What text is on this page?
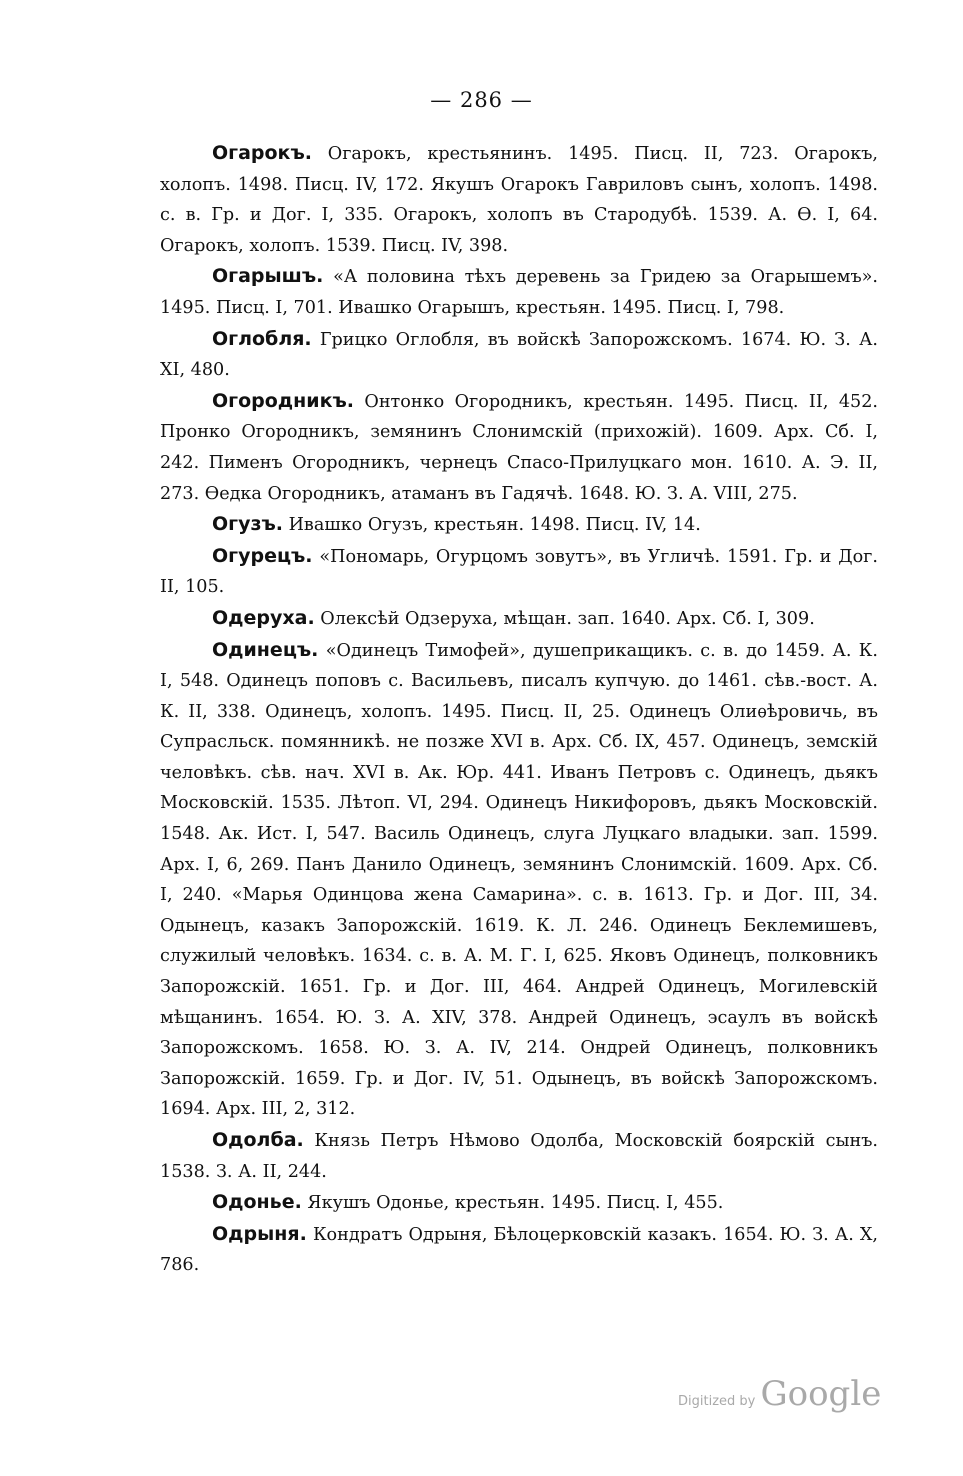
— 286 —

Огарокъ. Огарокъ, крестьянинъ. 1495. Писц. II, 723. Огарокъ, холопъ. 1498. Писц. IV, 172. Якушъ Огарокъ Гавриловъ сынъ, холопъ. 1498. с. в. Гр. и Дог. I, 335. Огарокъ, холопъ въ Стародубѣ. 1539. А. Ѳ. I, 64. Огарокъ, холопъ. 1539. Писц. IV, 398.

Огарышъ. «А половина тѣхъ деревень за Гридею за Огарышемъ». 1495. Писц. I, 701. Ивашко Огарышъ, крестьян. 1495. Писц. I, 798.

Оглобля. Грицко Оглобля, въ войскѣ Запорожскомъ. 1674. Ю. З. А. XI, 480.

Огородникъ. Онтонко Огородникъ, крестьян. 1495. Писц. II, 452. Пронко Огородникъ, земянинъ Слонимскій (прихожій). 1609. Арх. Сб. I, 242. Пименъ Огородникъ, чернецъ Спасо-Прилуцкаго мон. 1610. А. Э. II, 273. Ѳедка Огородникъ, атаманъ въ Гадячѣ. 1648. Ю. З. А. VIII, 275.

Огузъ. Ивашко Огузъ, крестьян. 1498. Писц. IV, 14.

Огурецъ. «Пономарь, Огурцомъ зовутъ», въ Угличѣ. 1591. Гр. и Дог. II, 105.

Одеруха. Олексѣй Одзеруха, мѣщан. зап. 1640. Арх. Сб. I, 309.

Одинецъ. «Одинецъ Тимофей», душеприкащикъ. с. в. до 1459. А. К. I, 548. Одинецъ поповъ с. Васильевъ, писалъ купчую. до 1461. сѣв.-вост. А. К. II, 338. Одинецъ, холопъ. 1495. Писц. II, 25. Одинецъ Олиѳѣровичь, въ Супрасльск. помянникѣ. не позже XVI в. Арх. Сб. IX, 457. Одинецъ, земскій человѣкъ. сѣв. нач. XVI в. Ак. Юр. 441. Иванъ Петровъ с. Одинецъ, дьякъ Московскій. 1535. Лѣтоп. VI, 294. Одинецъ Никифоровъ, дьякъ Московскій. 1548. Ак. Ист. I, 547. Василь Одинецъ, слуга Луцкаго владыки. зап. 1599. Арх. I, 6, 269. Панъ Данило Одинецъ, земянинъ Слонимскій. 1609. Арх. Сб. I, 240. «Марья Одинцова жена Самарина». с. в. 1613. Гр. и Дог. III, 34. Одынецъ, казакъ Запорожскій. 1619. К. Л. 246. Одинецъ Беклемишевъ, служилый человѣкъ. 1634. с. в. А. М. Г. I, 625. Яковъ Одинецъ, полковникъ Запорожскій. 1651. Гр. и Дог. III, 464. Андрей Одинецъ, Могилевскій мѣщанинъ. 1654. Ю. З. А. XIV, 378. Андрей Одинецъ, эсаулъ въ войскѣ Запорожскомъ. 1658. Ю. З. А. IV, 214. Ондрей Одинецъ, полковникъ Запорожскій. 1659. Гр. и Дог. IV, 51. Одынецъ, въ войскѣ Запорожскомъ. 1694. Арх. III, 2, 312.

Одолба. Князь Петръ Нѣмово Одолба, Московскій боярскій сынъ. 1538. З. А. II, 244.

Одонье. Якушъ Одонье, крестьян. 1495. Писц. I, 455.

Одрыня. Кондратъ Одрыня, Бѣлоцерковскій казакъ. 1654. Ю. З. А. X, 786.

Digitized by Google
